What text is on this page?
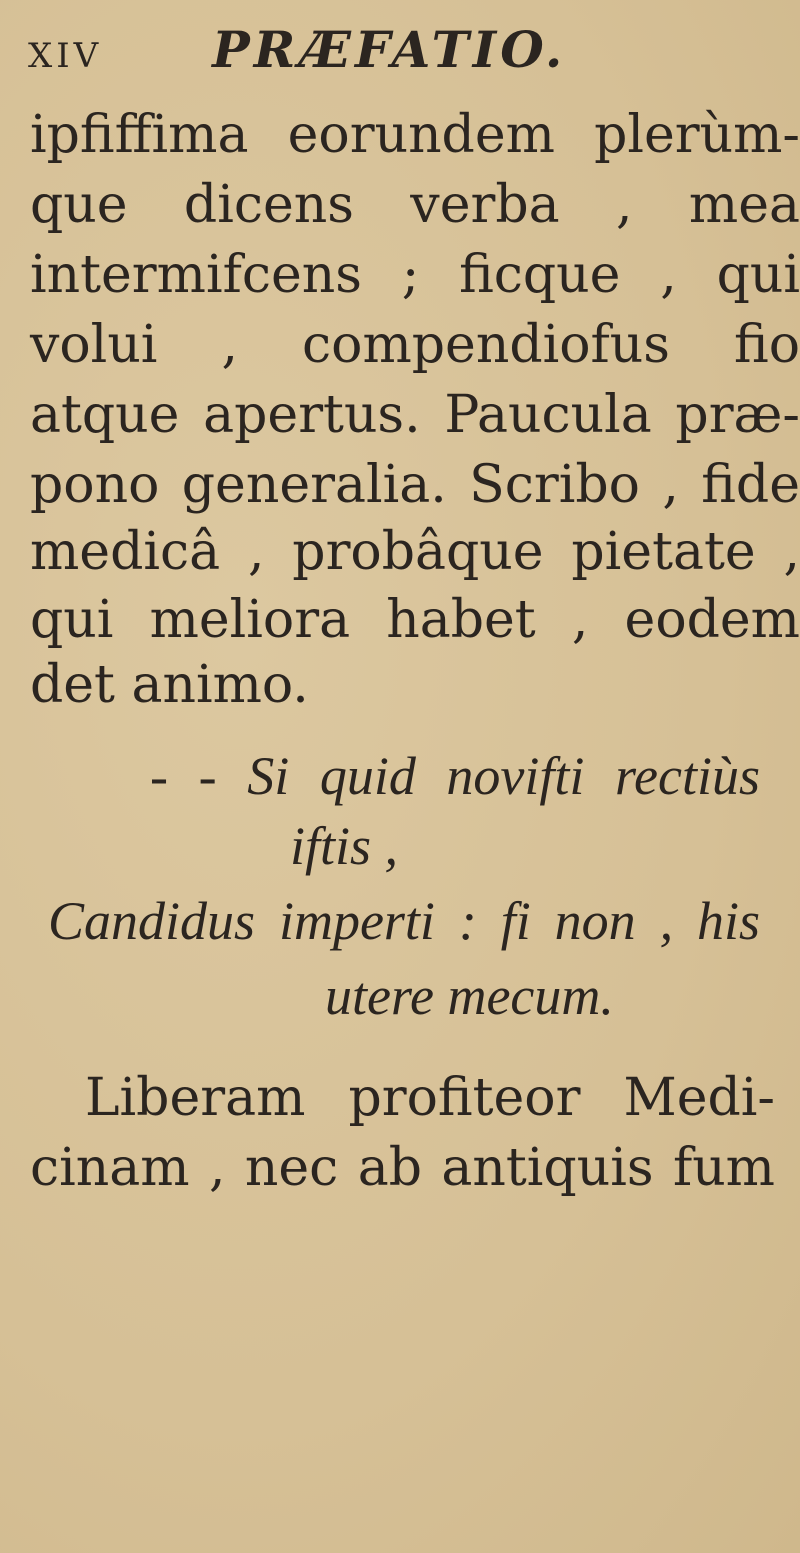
XIV PRÆFATIO.
ipfiffima eorundem plerùm-
que dicens verba , mea
intermifcens ; ficque , qui
volui , compendiofus fio
atque apertus. Paucula præ-
pono generalia. Scribo , fide
medicâ , probâque pietate ,
qui meliora habet , eodem
det animo.
- - Si quid novifti rectiùs
iftis ,
Candidus imperti : fi non , his
utere mecum.
Liberam profiteor Medi-
cinam , nec ab antiquis fum
